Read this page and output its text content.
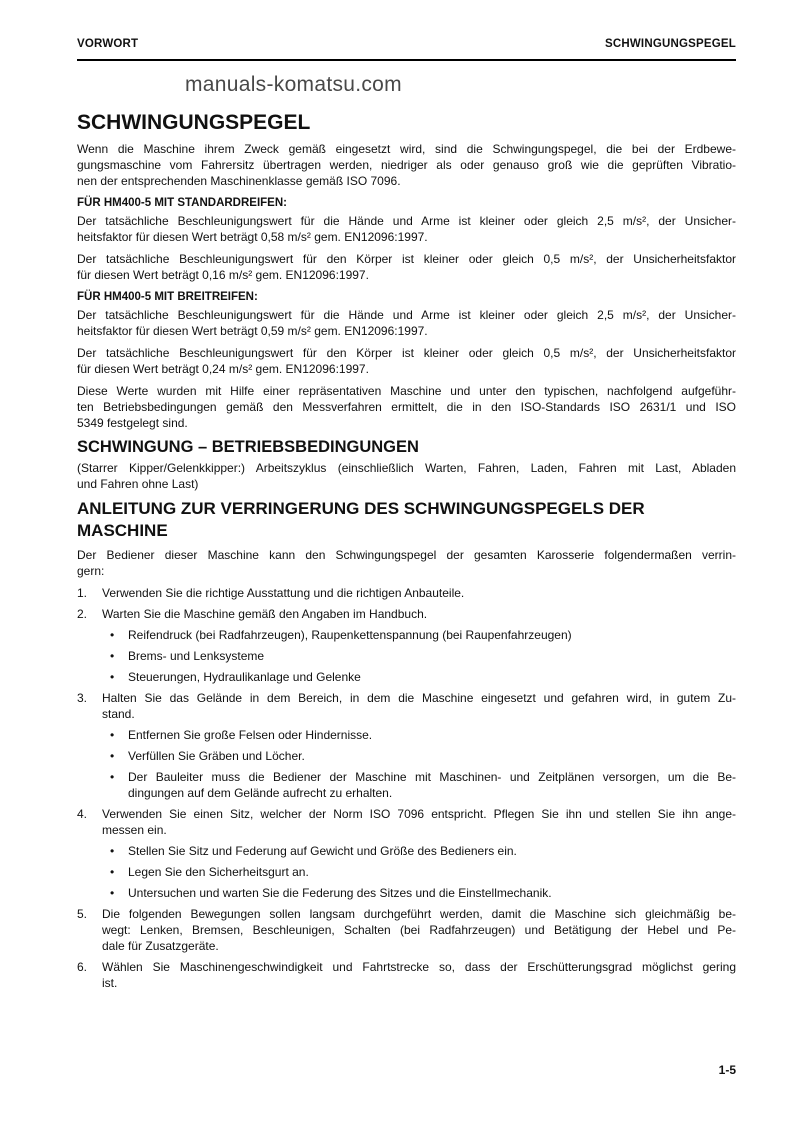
VORWORT	SCHWINGUNGSPEGEL
manuals-komatsu.com
SCHWINGUNGSPEGEL
Wenn die Maschine ihrem Zweck gemäß eingesetzt wird, sind die Schwingungspegel, die bei der Erdbewe-
gungsmaschine vom Fahrersitz übertragen werden, niedriger als oder genauso groß wie die geprüften Vibratio-
nen der entsprechenden Maschinenklasse gemäß ISO 7096.
FÜR HM400-5 MIT STANDARDREIFEN:
Der tatsächliche Beschleunigungswert für die Hände und Arme ist kleiner oder gleich 2,5 m/s², der Unsicher-
heitsfaktor für diesen Wert beträgt 0,58 m/s² gem. EN12096:1997.
Der tatsächliche Beschleunigungswert für den Körper ist kleiner oder gleich 0,5 m/s², der Unsicherheitsfaktor
für diesen Wert beträgt 0,16 m/s² gem. EN12096:1997.
FÜR HM400-5 MIT BREITREIFEN:
Der tatsächliche Beschleunigungswert für die Hände und Arme ist kleiner oder gleich 2,5 m/s², der Unsicher-
heitsfaktor für diesen Wert beträgt 0,59 m/s² gem. EN12096:1997.
Der tatsächliche Beschleunigungswert für den Körper ist kleiner oder gleich 0,5 m/s², der Unsicherheitsfaktor
für diesen Wert beträgt 0,24 m/s² gem. EN12096:1997.
Diese Werte wurden mit Hilfe einer repräsentativen Maschine und unter den typischen, nachfolgend aufgeführ-
ten Betriebsbedingungen gemäß den Messverfahren ermittelt, die in den ISO-Standards ISO 2631/1 und ISO
5349 festgelegt sind.
SCHWINGUNG – BETRIEBSBEDINGUNGEN
(Starrer Kipper/Gelenkkipper:) Arbeitszyklus (einschließlich Warten, Fahren, Laden, Fahren mit Last, Abladen
und Fahren ohne Last)
ANLEITUNG ZUR VERRINGERUNG DES SCHWINGUNGSPEGELS DER
MASCHINE
Der Bediener dieser Maschine kann den Schwingungspegel der gesamten Karosserie folgendermaßen verrin-
gern:
1. Verwenden Sie die richtige Ausstattung und die richtigen Anbauteile.
2. Warten Sie die Maschine gemäß den Angaben im Handbuch.
• Reifendruck (bei Radfahrzeugen), Raupenkettenspannung (bei Raupenfahrzeugen)
• Brems- und Lenksysteme
• Steuerungen, Hydraulikanlage und Gelenke
3. Halten Sie das Gelände in dem Bereich, in dem die Maschine eingesetzt und gefahren wird, in gutem Zu-
stand.
• Entfernen Sie große Felsen oder Hindernisse.
• Verfüllen Sie Gräben und Löcher.
• Der Bauleiter muss die Bediener der Maschine mit Maschinen- und Zeitplänen versorgen, um die Be-
dingungen auf dem Gelände aufrecht zu erhalten.
4. Verwenden Sie einen Sitz, welcher der Norm ISO 7096 entspricht. Pflegen Sie ihn und stellen Sie ihn ange-
messen ein.
• Stellen Sie Sitz und Federung auf Gewicht und Größe des Bedieners ein.
• Legen Sie den Sicherheitsgurt an.
• Untersuchen und warten Sie die Federung des Sitzes und die Einstellmechanik.
5. Die folgenden Bewegungen sollen langsam durchgeführt werden, damit die Maschine sich gleichmäßig be-
wegt: Lenken, Bremsen, Beschleunigen, Schalten (bei Radfahrzeugen) und Betätigung der Hebel und Pe-
dale für Zusatzgeräte.
6. Wählen Sie Maschinengeschwindigkeit und Fahrtstrecke so, dass der Erschütterungsgrad möglichst gering
ist.
1-5
